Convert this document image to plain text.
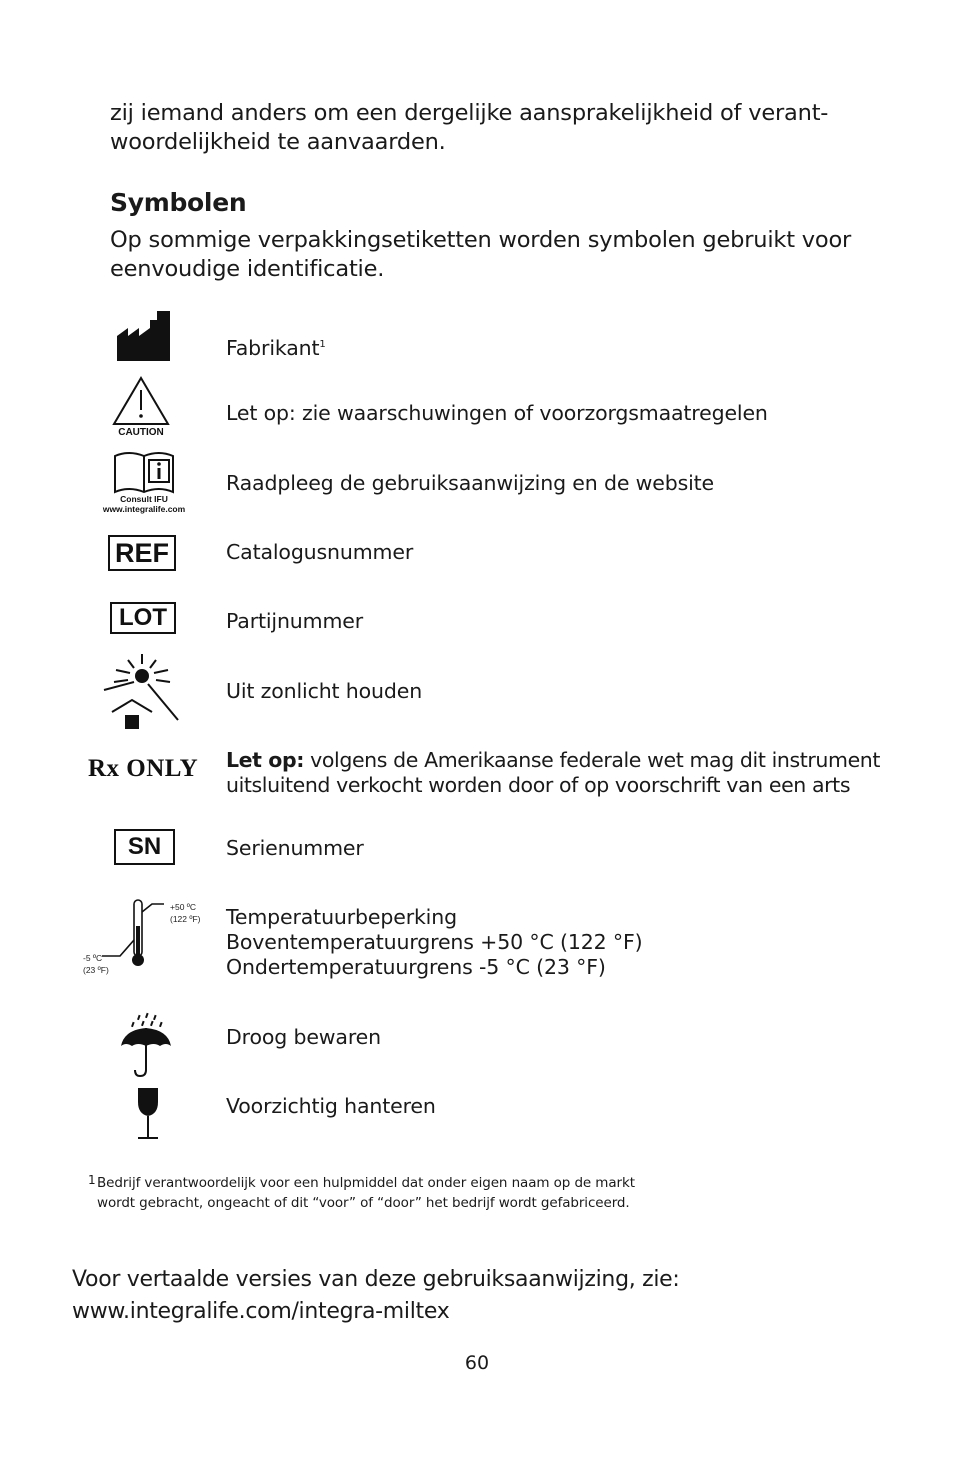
zij iemand anders om een dergelijke aansprakelijkheid of verant-
woordelijkheid te aanvaarden.
Symbolen
Op sommige verpakkingsetiketten worden symbolen gebruikt voor
eenvoudige identificatie.
Fabrikant$^1$
CAUTION
Let op: zie waarschuwingen of voorzorgsmaatregelen
Consult IFU
www.integralife.com
Raadpleeg de gebruiksaanwijzing en de website
REF	Catalogusnummer
LOT	Partijnummer
Uit zonlicht houden
Rx ONLY Let op: volgens de Amerikaanse federale wet mag dit instrument
uitsluitend verkocht worden door of op voorschrift van een arts
SN	Serienummer
+50 ºC
(122 ºF)
-5 ºC
(23 ºF)
Temperatuurbeperking
Boventemperatuurgrens +50 °C (122 °F)
Ondertemperatuurgrens -5 °C (23 °F)
Droog bewaren
Voorzichtig hanteren
1 Bedrijf verantwoordelijk voor een hulpmiddel dat onder eigen naam op de markt
wordt gebracht, ongeacht of dit “voor” of “door” het bedrijf wordt gefabriceerd.
Voor vertaalde versies van deze gebruiksaanwijzing, zie:
www.integralife.com/integra-miltex
60
